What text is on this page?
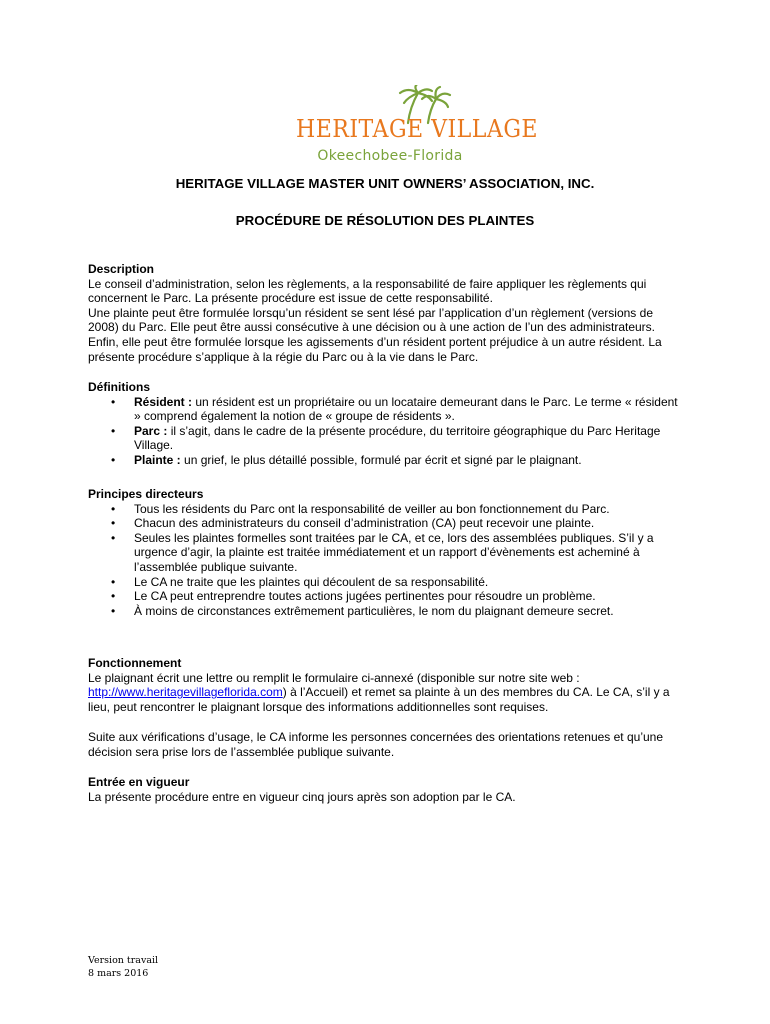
HERITAGE VILLAGE
Okeechobee-Florida
HERITAGE VILLAGE MASTER UNIT OWNERS’ ASSOCIATION, INC.
PROCÉDURE DE RÉSOLUTION DES PLAINTES

Description

Le conseil d’administration, selon les règlements, a la responsabilité de faire appliquer les règlements qui concernent le Parc. La présente procédure est issue de cette responsabilité.

Une plainte peut être formulée lorsqu’un résident se sent lésé par l’application d’un règlement (versions de 2008) du Parc. Elle peut être aussi consécutive à une décision ou à une action de l’un des administrateurs. Enfin, elle peut être formulée lorsque les agissements d’un résident portent préjudice à un autre résident. La présente procédure s’applique à la régie du Parc ou à la vie dans le Parc.

Définitions

• Résident : un résident est un propriétaire ou un locataire demeurant dans le Parc. Le terme « résident » comprend également la notion de « groupe de résidents ».
• Parc : il s’agit, dans le cadre de la présente procédure, du territoire géographique du Parc Heritage Village.
• Plainte : un grief, le plus détaillé possible, formulé par écrit et signé par le plaignant.

Principes directeurs

• Tous les résidents du Parc ont la responsabilité de veiller au bon fonctionnement du Parc.
• Chacun des administrateurs du conseil d’administration (CA) peut recevoir une plainte.
• Seules les plaintes formelles sont traitées par le CA, et ce, lors des assemblées publiques. S’il y a urgence d’agir, la plainte est traitée immédiatement et un rapport d’évènements est acheminé à l’assemblée publique suivante.
• Le CA ne traite que les plaintes qui découlent de sa responsabilité.
• Le CA peut entreprendre toutes actions jugées pertinentes pour résoudre un problème.
• À moins de circonstances extrêmement particulières, le nom du plaignant demeure secret.

Fonctionnement

Le plaignant écrit une lettre ou remplit le formulaire ci-annexé (disponible sur notre site web : http://www.heritagevillageflorida.com) à l’Accueil) et remet sa plainte à un des membres du CA. Le CA, s’il y a lieu, peut rencontrer le plaignant lorsque des informations additionnelles sont requises.

Suite aux vérifications d’usage, le CA informe les personnes concernées des orientations retenues et qu’une décision sera prise lors de l’assemblée publique suivante.

Entrée en vigueur

La présente procédure entre en vigueur cinq jours après son adoption par le CA.

Version travail
8 mars 2016
